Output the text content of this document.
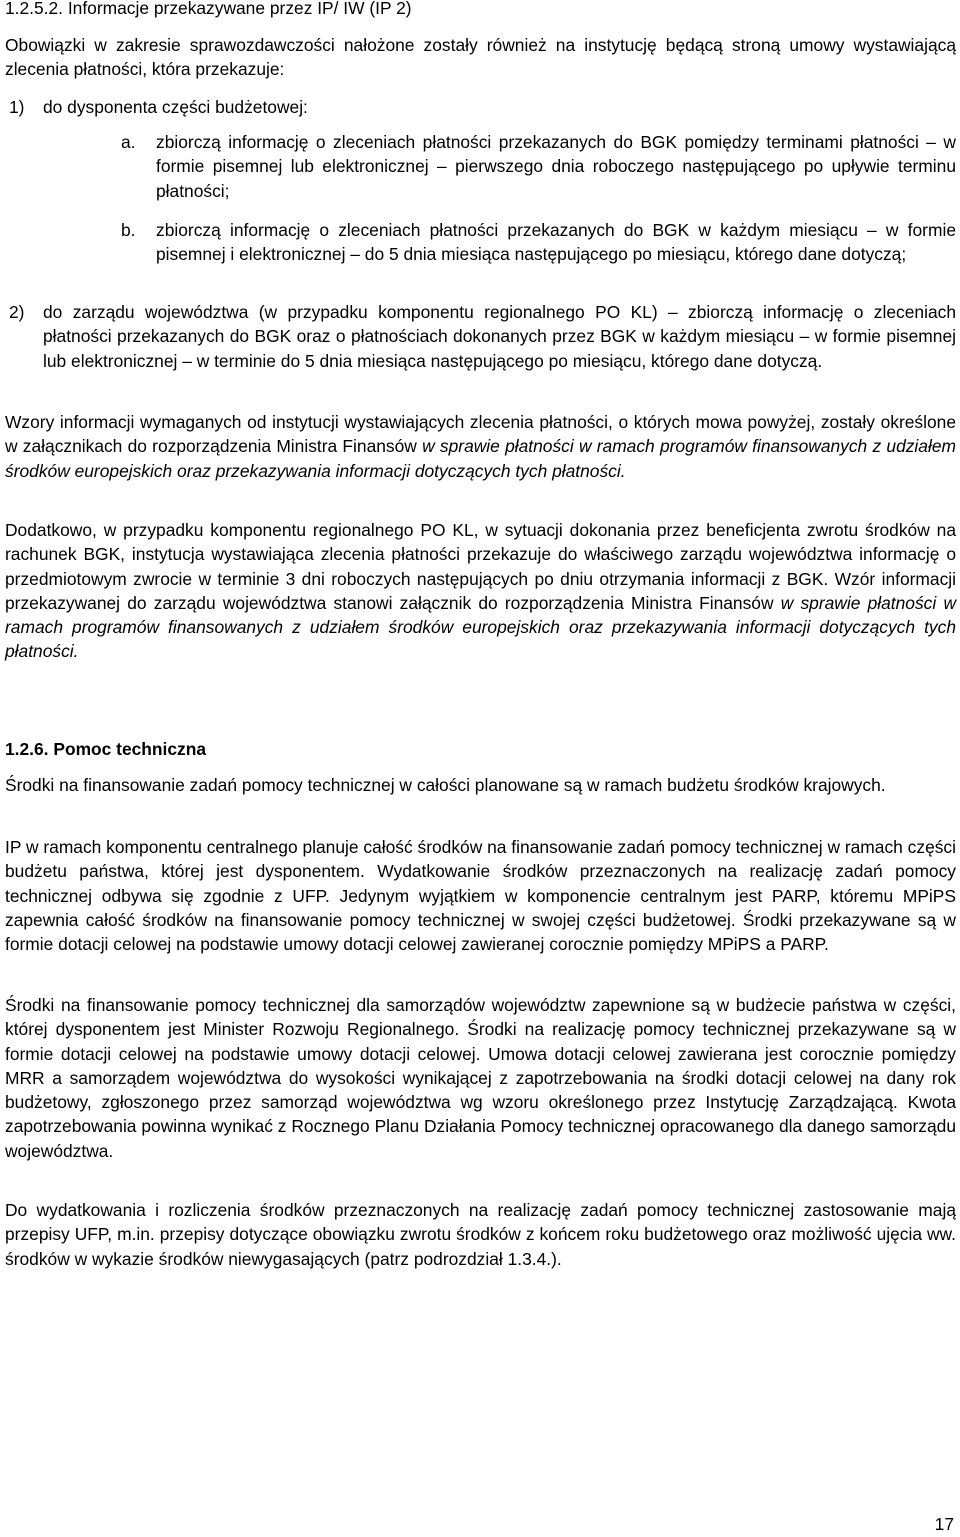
1.2.5.2. Informacje przekazywane przez IP/ IW (IP 2)

Obowiązki w zakresie sprawozdawczości nałożone zostały również na instytucję będącą stroną umowy wystawiającą zlecenia płatności, która przekazuje:

1) do dysponenta części budżetowej:
a. zbiorczą informację o zleceniach płatności przekazanych do BGK pomiędzy terminami płatności – w formie pisemnej lub elektronicznej – pierwszego dnia roboczego następującego po upływie terminu płatności;

b. zbiorczą informację o zleceniach płatności przekazanych do BGK w każdym miesiącu – w formie pisemnej i elektronicznej – do 5 dnia miesiąca następującego po miesiącu, którego dane dotyczą;

2) do zarządu województwa (w przypadku komponentu regionalnego PO KL) – zbiorczą informację o zleceniach płatności przekazanych do BGK oraz o płatnościach dokonanych przez BGK w każdym miesiącu – w formie pisemnej lub elektronicznej – w terminie do 5 dnia miesiąca następującego po miesiącu, którego dane dotyczą.

Wzory informacji wymaganych od instytucji wystawiających zlecenia płatności, o których mowa powyżej, zostały określone w załącznikach do rozporządzenia Ministra Finansów w sprawie płatności w ramach programów finansowanych z udziałem środków europejskich oraz przekazywania informacji dotyczących tych płatności.

Dodatkowo, w przypadku komponentu regionalnego PO KL, w sytuacji dokonania przez beneficjenta zwrotu środków na rachunek BGK, instytucja wystawiająca zlecenia płatności przekazuje do właściwego zarządu województwa informację o przedmiotowym zwrocie w terminie 3 dni roboczych następujących po dniu otrzymania informacji z BGK. Wzór informacji przekazywanej do zarządu województwa stanowi załącznik do rozporządzenia Ministra Finansów w sprawie płatności w ramach programów finansowanych z udziałem środków europejskich oraz przekazywania informacji dotyczących tych płatności.

1.2.6. Pomoc techniczna

Środki na finansowanie zadań pomocy technicznej w całości planowane są w ramach budżetu środków krajowych.

IP w ramach komponentu centralnego planuje całość środków na finansowanie zadań pomocy technicznej w ramach części budżetu państwa, której jest dysponentem. Wydatkowanie środków przeznaczonych na realizację zadań pomocy technicznej odbywa się zgodnie z UFP. Jedynym wyjątkiem w komponencie centralnym jest PARP, któremu MPiPS zapewnia całość środków na finansowanie pomocy technicznej w swojej części budżetowej. Środki przekazywane są w formie dotacji celowej na podstawie umowy dotacji celowej zawieranej corocznie pomiędzy MPiPS a PARP.

Środki na finansowanie pomocy technicznej dla samorządów województw zapewnione są w budżecie państwa w części, której dysponentem jest Minister Rozwoju Regionalnego. Środki na realizację pomocy technicznej przekazywane są w formie dotacji celowej na podstawie umowy dotacji celowej. Umowa dotacji celowej zawierana jest corocznie pomiędzy MRR a samorządem województwa do wysokości wynikającej z zapotrzebowania na środki dotacji celowej na dany rok budżetowy, zgłoszonego przez samorząd województwa wg wzoru określonego przez Instytucję Zarządzającą. Kwota zapotrzebowania powinna wynikać z Rocznego Planu Działania Pomocy technicznej opracowanego dla danego samorządu województwa.

Do wydatkowania i rozliczenia środków przeznaczonych na realizację zadań pomocy technicznej zastosowanie mają przepisy UFP, m.in. przepisy dotyczące obowiązku zwrotu środków z końcem roku budżetowego oraz możliwość ujęcia ww. środków w wykazie środków niewygasających (patrz podrozdział 1.3.4.).

17
